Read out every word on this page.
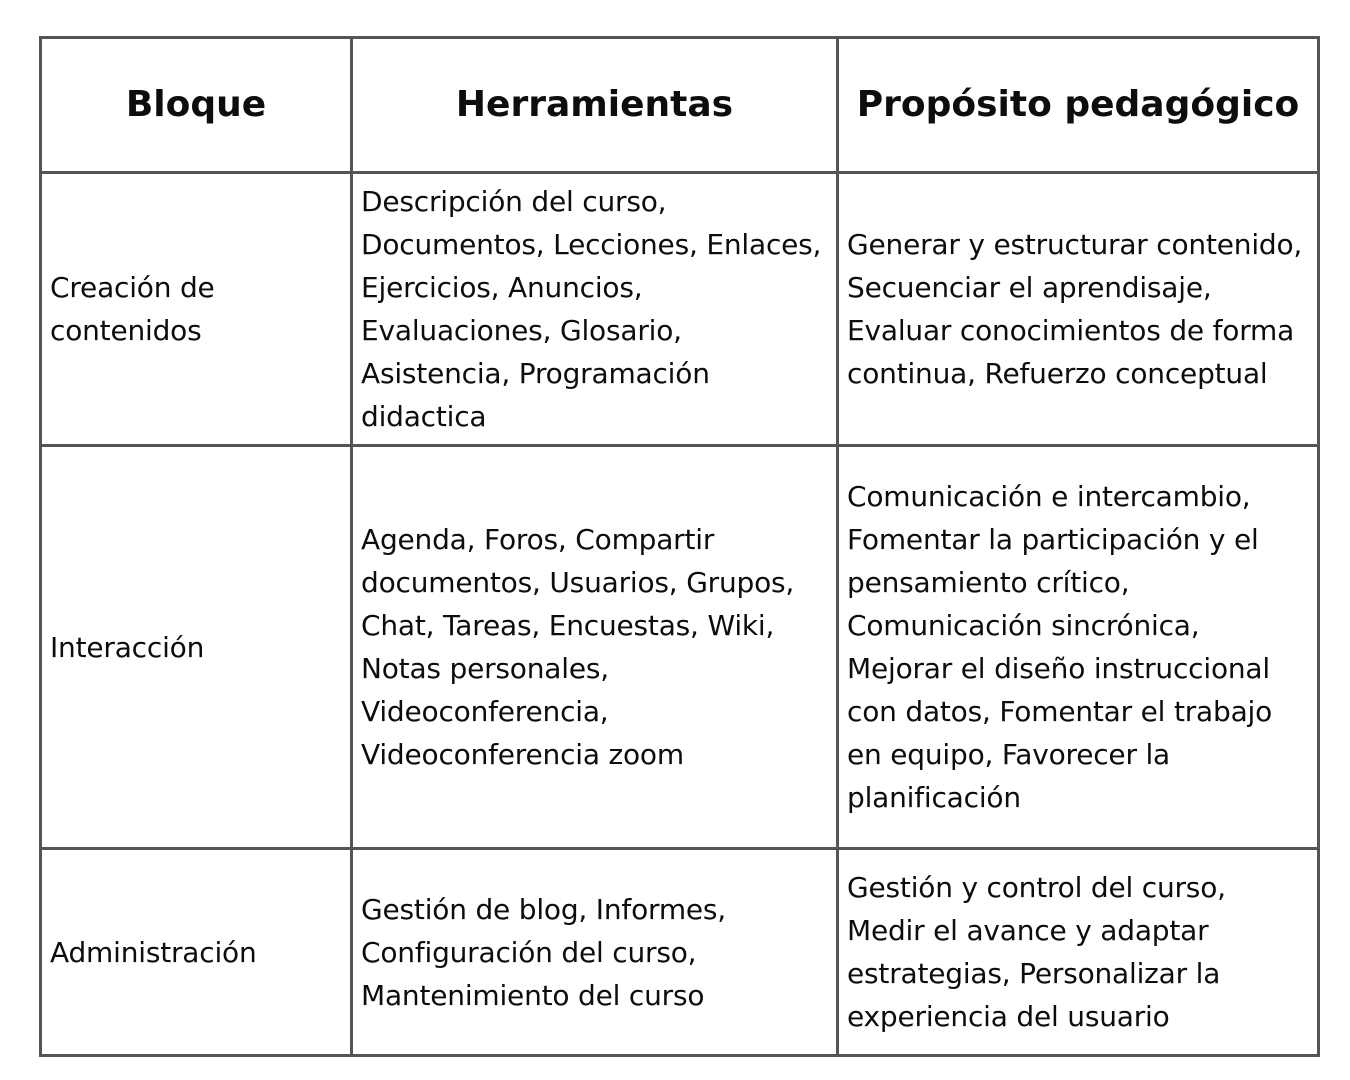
Bloque	Herramientas	Propósito pedagógico

Creación de contenidos	Descripción del curso, Documentos, Lecciones, Enlaces, Ejercicios, Anuncios, Evaluaciones, Glosario, Asistencia, Programación didactica	Generar y estructurar contenido, Secuenciar el aprendisaje, Evaluar conocimientos de forma continua, Refuerzo conceptual

Interacción	Agenda, Foros, Compartir documentos, Usuarios, Grupos, Chat, Tareas, Encuestas, Wiki, Notas personales, Videoconferencia, Videoconferencia zoom	Comunicación e intercambio, Fomentar la participación y el pensamiento crítico, Comunicación sincrónica, Mejorar el diseño instruccional con datos, Fomentar el trabajo en equipo, Favorecer la planificación

Administración	Gestión de blog, Informes, Configuración del curso, Mantenimiento del curso	Gestión y control del curso, Medir el avance y adaptar estrategias, Personalizar la experiencia del usuario
